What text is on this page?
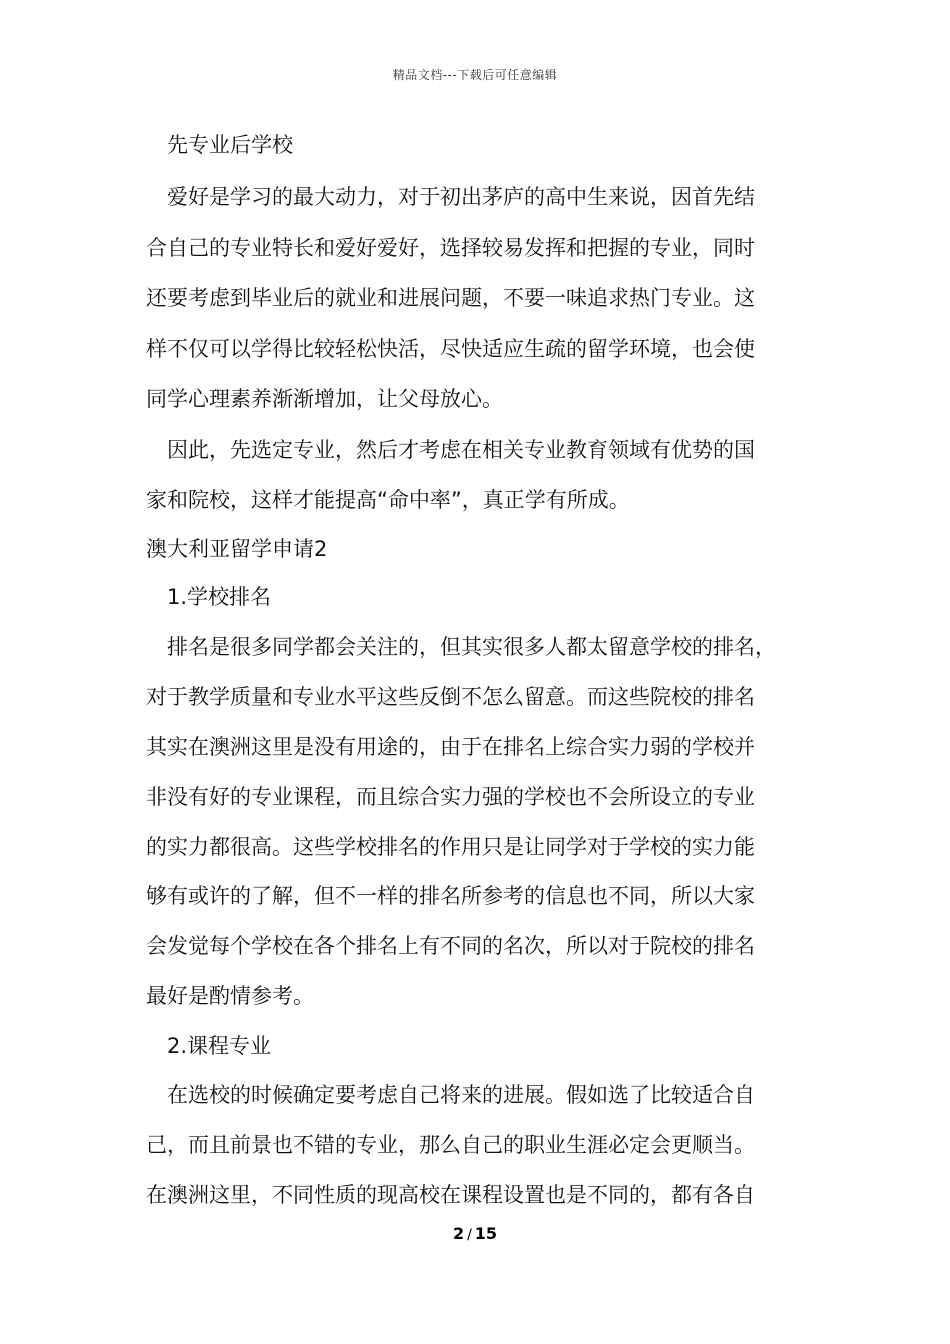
精品文档---下载后可任意编辑
先专业后学校
爱好是学习的最大动力，对于初出茅庐的高中生来说，因首先结
合自己的专业特长和爱好爱好，选择较易发挥和把握的专业，同时
还要考虑到毕业后的就业和进展问题，不要一味追求热门专业。这
样不仅可以学得比较轻松快活，尽快适应生疏的留学环境，也会使
同学心理素养渐渐增加，让父母放心。
因此，先选定专业，然后才考虑在相关专业教育领域有优势的国
家和院校，这样才能提高“命中率”，真正学有所成。
澳大利亚留学申请2
1.学校排名
排名是很多同学都会关注的，但其实很多人都太留意学校的排名，
对于教学质量和专业水平这些反倒不怎么留意。而这些院校的排名
其实在澳洲这里是没有用途的，由于在排名上综合实力弱的学校并
非没有好的专业课程，而且综合实力强的学校也不会所设立的专业
的实力都很高。这些学校排名的作用只是让同学对于学校的实力能
够有或许的了解，但不一样的排名所参考的信息也不同，所以大家
会发觉每个学校在各个排名上有不同的名次，所以对于院校的排名
最好是酌情参考。
2.课程专业
在选校的时候确定要考虑自己将来的进展。假如选了比较适合自
己，而且前景也不错的专业，那么自己的职业生涯必定会更顺当。
在澳洲这里，不同性质的现高校在课程设置也是不同的，都有各自
2 / 15
